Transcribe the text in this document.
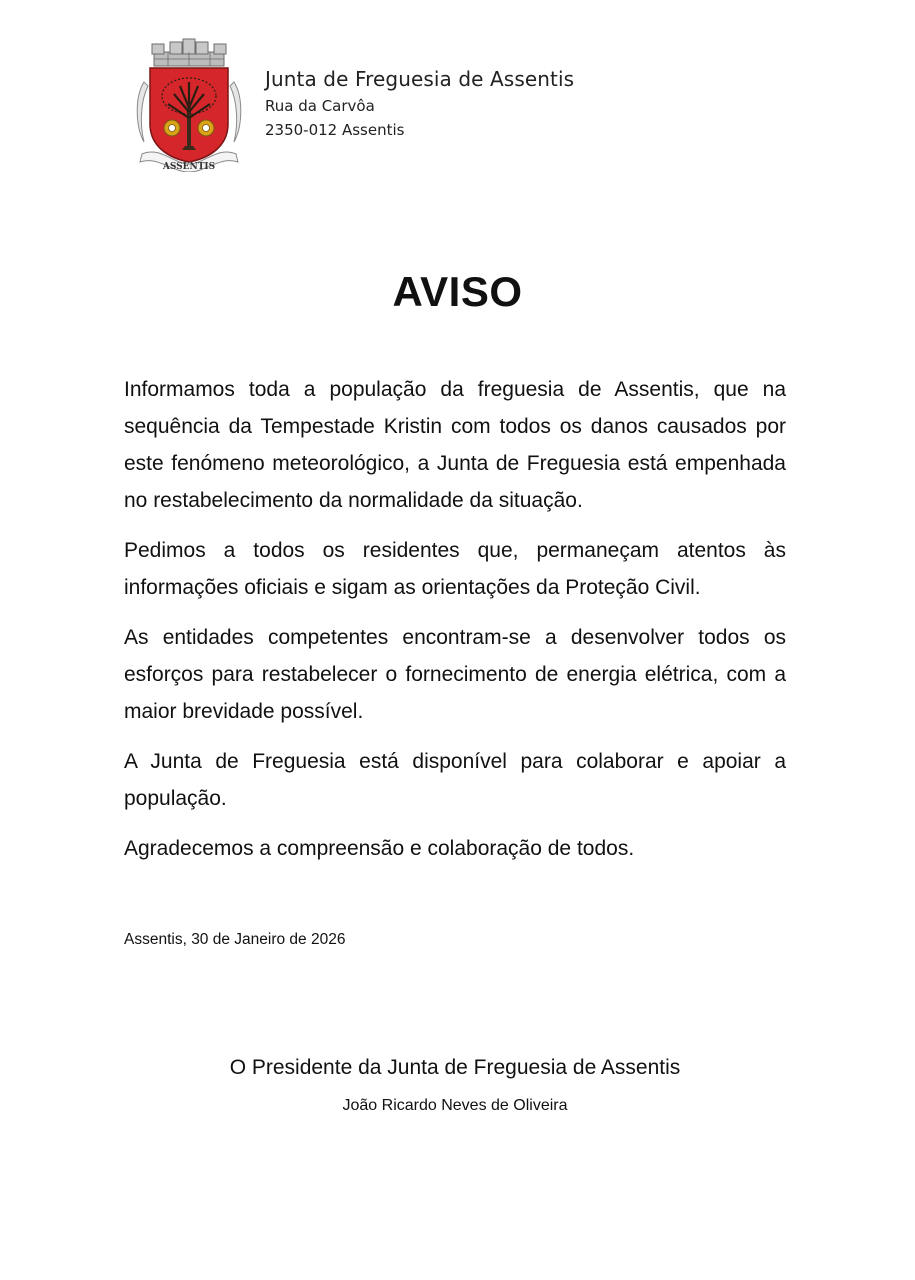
ASSENTIS
Junta de Freguesia de Assentis
Rua da Carvôa
2350-012 Assentis
AVISO

Informamos toda a população da freguesia de Assentis, que na sequência da Tempestade Kristin com todos os danos causados por este fenómeno meteorológico, a Junta de Freguesia está empenhada no restabelecimento da normalidade da situação.

Pedimos a todos os residentes que, permaneçam atentos às informações oficiais e sigam as orientações da Proteção Civil.

As entidades competentes encontram-se a desenvolver todos os esforços para restabelecer o fornecimento de energia elétrica, com a maior brevidade possível.

A Junta de Freguesia está disponível para colaborar e apoiar a população.

Agradecemos a compreensão e colaboração de todos.

Assentis, 30 de Janeiro de 2026
O Presidente da Junta de Freguesia de Assentis
João Ricardo Neves de Oliveira
